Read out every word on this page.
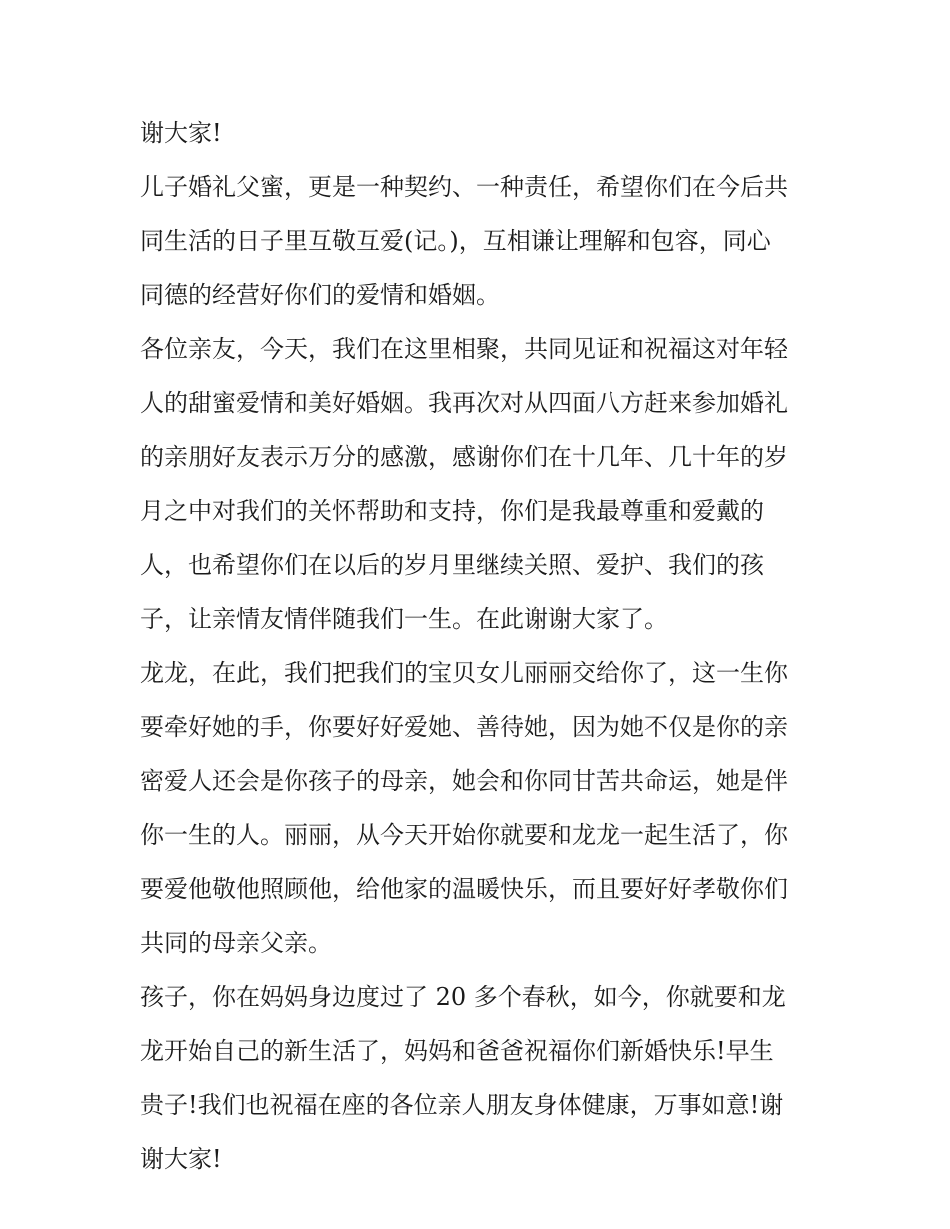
谢大家!
儿子婚礼父蜜，更是一种契约、一种责任，希望你们在今后共
同生活的日子里互敬互爱(记。)，互相谦让理解和包容，同心
同德的经营好你们的爱情和婚姻。
各位亲友，今天，我们在这里相聚，共同见证和祝福这对年轻
人的甜蜜爱情和美好婚姻。我再次对从四面八方赶来参加婚礼
的亲朋好友表示万分的感激，感谢你们在十几年、几十年的岁
月之中对我们的关怀帮助和支持，你们是我最尊重和爱戴的
人，也希望你们在以后的岁月里继续关照、爱护、我们的孩
子，让亲情友情伴随我们一生。在此谢谢大家了。
龙龙，在此，我们把我们的宝贝女儿丽丽交给你了，这一生你
要牵好她的手，你要好好爱她、善待她，因为她不仅是你的亲
密爱人还会是你孩子的母亲，她会和你同甘苦共命运，她是伴
你一生的人。丽丽，从今天开始你就要和龙龙一起生活了，你
要爱他敬他照顾他，给他家的温暖快乐，而且要好好孝敬你们
共同的母亲父亲。
孩子，你在妈妈身边度过了 20 多个春秋，如今，你就要和龙
龙开始自己的新生活了，妈妈和爸爸祝福你们新婚快乐!早生
贵子!我们也祝福在座的各位亲人朋友身体健康，万事如意!谢
谢大家!
